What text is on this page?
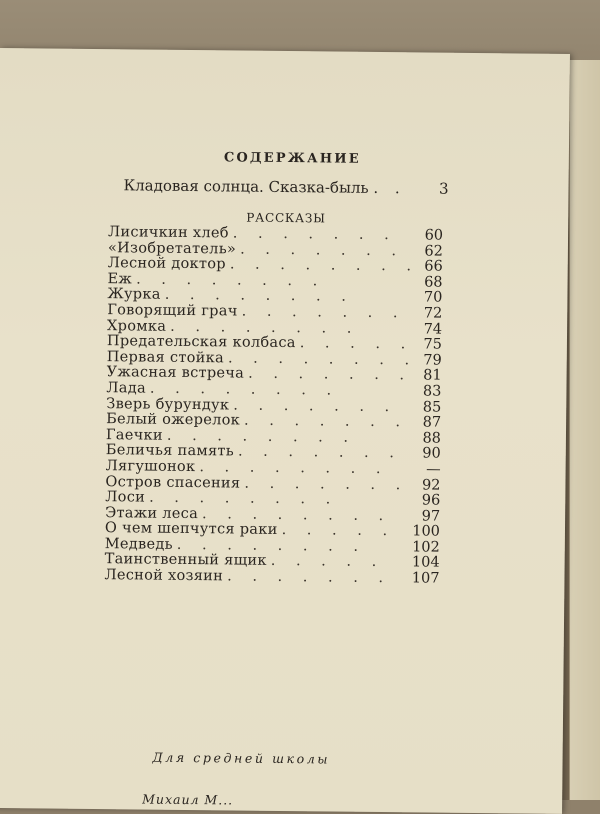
СОДЕРЖАНИЕ
Кладовая солнца. Сказка-быль . . 3
РАССКАЗЫ
Лисичкин хлеб . . . . . . . 60
«Изобретатель» . . . . . . . 62
Лесной доктор . . . . . . . . 66
Еж . . . . . . . .	68
Журка . . . . . . . .	70
Говорящий грач . . . . . . . 72
Хромка . . . . . . . .	74
Предательская колбаса . . . . . 75
Первая стойка . . . . . . . . 79
Ужасная встреча . . . . . . . 81
Лада . . . . . . . .	83
Зверь бурундук . . . . . . . 85
Белый ожерелок . . . . . . . 87
Гаечки . . . . . . . .	88
Беличья память . . . . . . . 90
Лягушонок . . . . . . . .	—
Остров спасения . . . . . . . 92
Лоси . . . . . . . .	96
Этажи леса . . . . . . . . 97
О чем шепчутся раки . . . . . 100
Медведь . . . . . . . .	102
Таинственный ящик . . . . . 104
Лесной хозяин . . . . . . . 107
Для средней школы
Михаил М...
